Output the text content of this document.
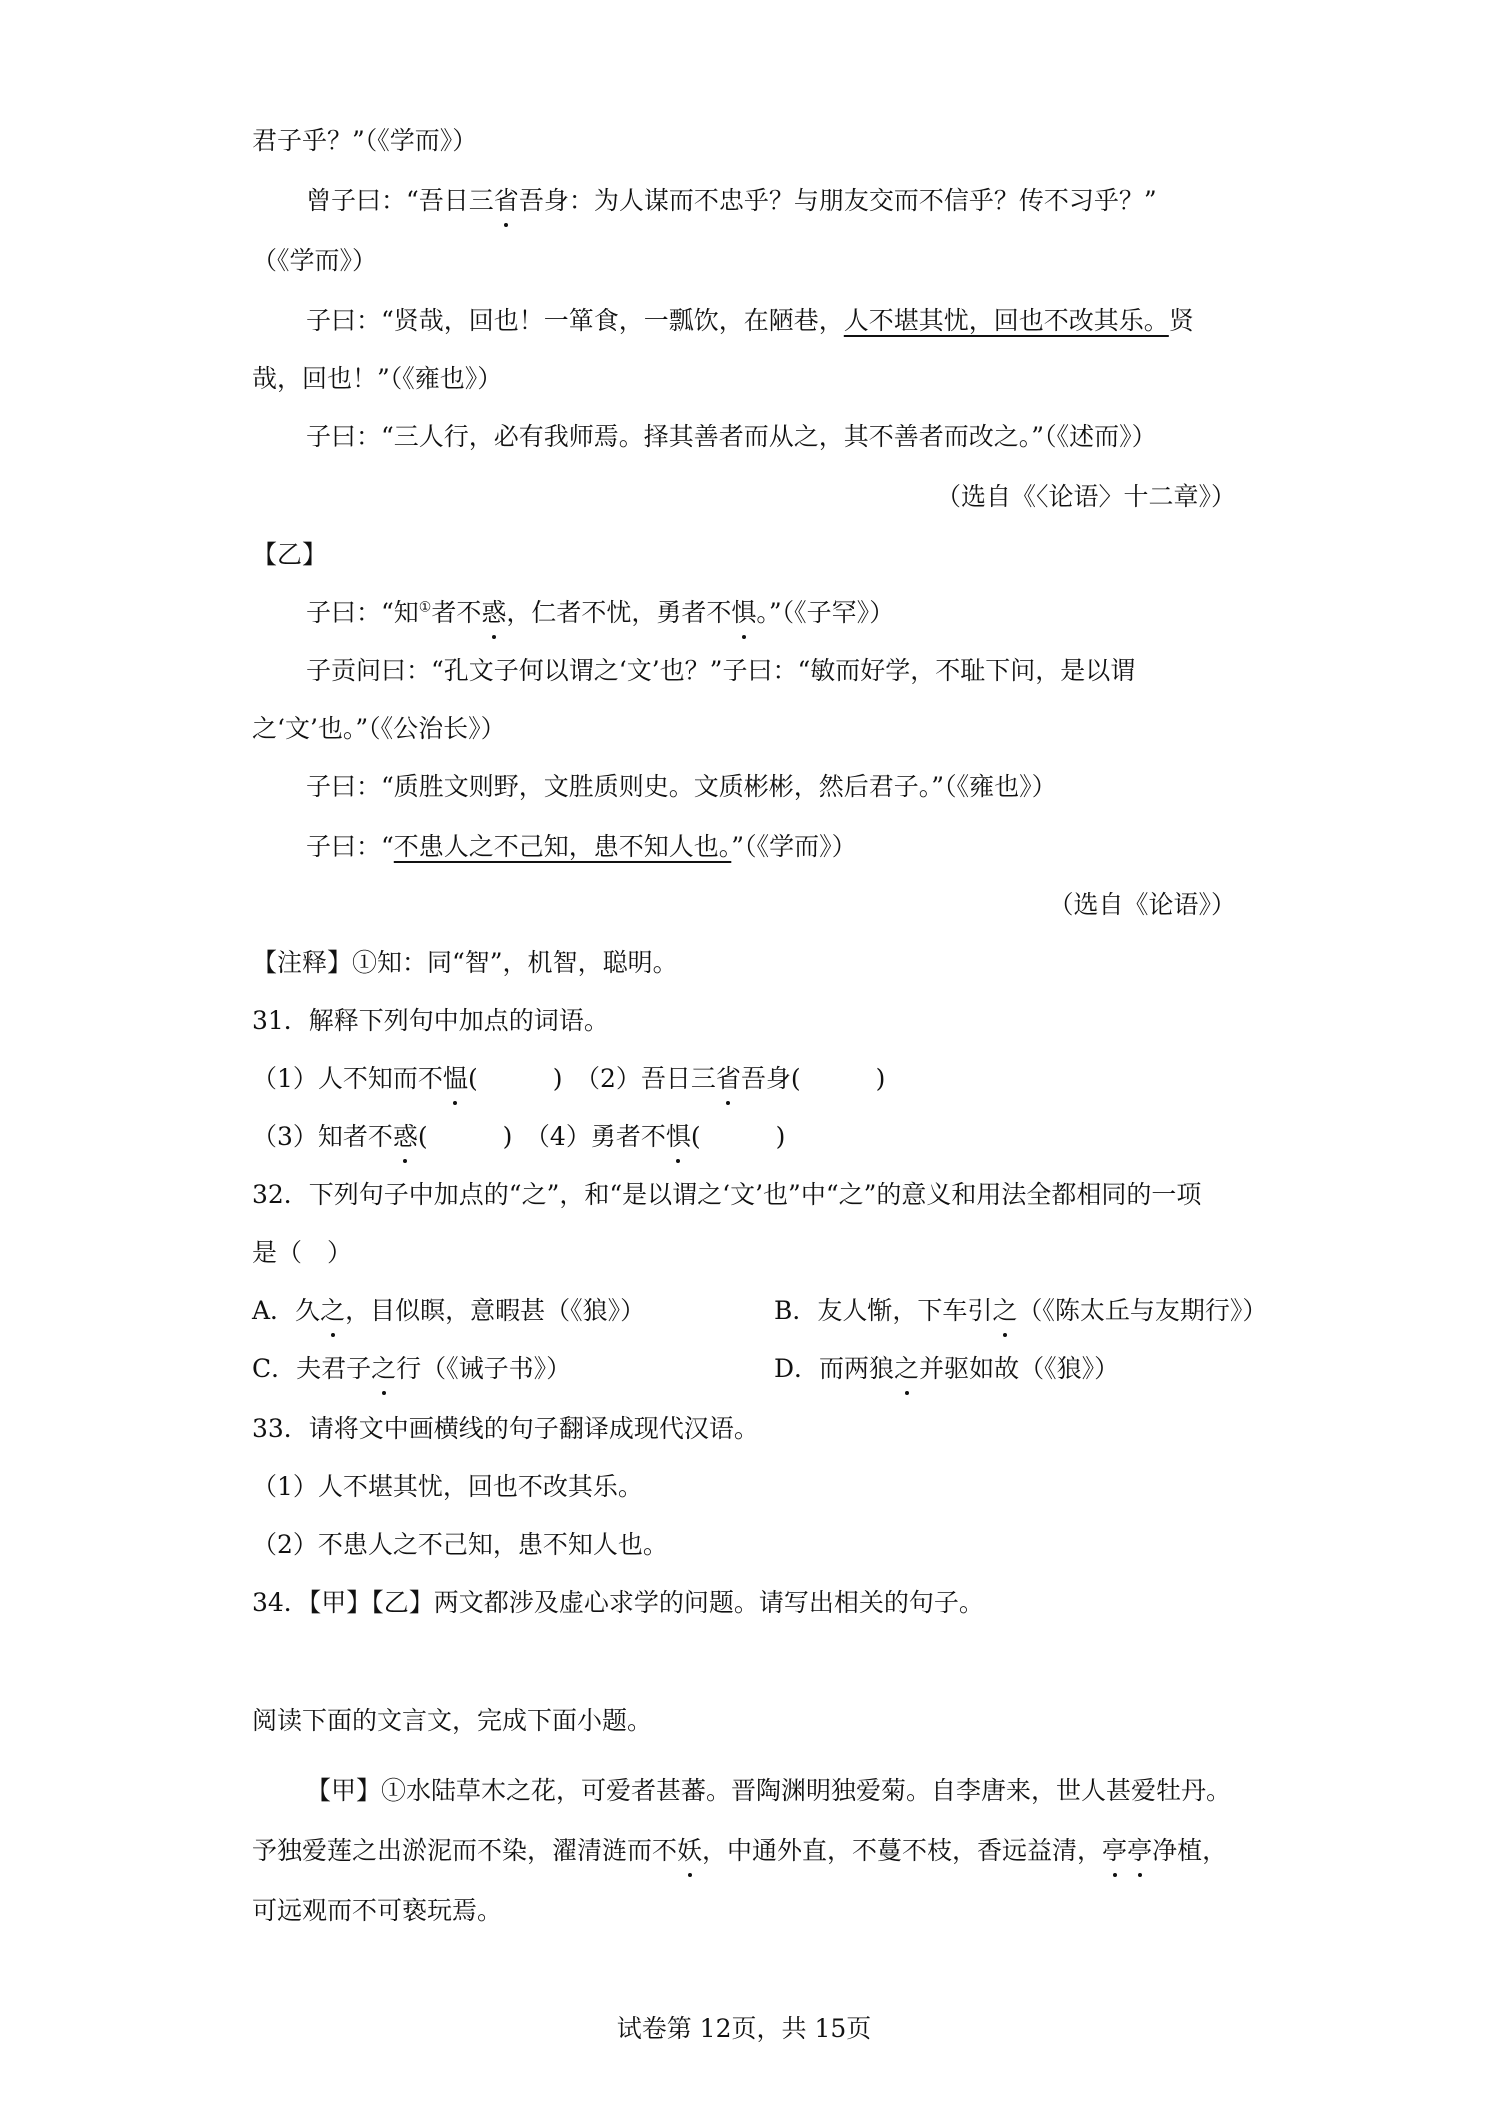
君子乎？”（《学而》）
曾子曰：“吾日三省吾身：为人谋而不忠乎？与朋友交而不信乎？传不习乎？”
（《学而》）
子曰：“贤哉，回也！一箪食，一瓢饮，在陋巷，人不堪其忧，回也不改其乐。贤
哉，回也！”（《雍也》）
子曰：“三人行，必有我师焉。择其善者而从之，其不善者而改之。”（《述而》）
（选自《〈论语〉十二章》）
【乙】
子曰：“知①者不惑，仁者不忧，勇者不惧。”（《子罕》）
子贡问曰：“孔文子何以谓之‘文’也？”子曰：“敏而好学，不耻下问，是以谓
之‘文’也。”（《公治长》）
子曰：“质胜文则野，文胜质则史。文质彬彬，然后君子。”（《雍也》）
子曰：“不患人之不己知，患不知人也。”（《学而》）
（选自《论语》）
【注释】①知：同“智”，机智，聪明。
31．解释下列句中加点的词语。
（1）人不知而不愠(　　　)　（2）吾日三省吾身(　　　)
（3）知者不惑(　　　)　（4）勇者不惧(　　　)
32．下列句子中加点的“之”，和“是以谓之‘文’也”中“之”的意义和用法全都相同的一项
是（　）
A．久之，目似瞑，意暇甚（《狼》）	B．友人惭，下车引之（《陈太丘与友期行》）
C．夫君子之行（《诫子书》）	D．而两狼之并驱如故（《狼》）
33．请将文中画横线的句子翻译成现代汉语。
（1）人不堪其忧，回也不改其乐。
（2）不患人之不己知，患不知人也。
34．【甲】【乙】两文都涉及虚心求学的问题。请写出相关的句子。
阅读下面的文言文，完成下面小题。
【甲】①水陆草木之花，可爱者甚蕃。晋陶渊明独爱菊。自李唐来，世人甚爱牡丹。
予独爱莲之出淤泥而不染，濯清涟而不妖，中通外直，不蔓不枝，香远益清，亭亭净植，
可远观而不可亵玩焉。
试卷第 12页，共 15页
